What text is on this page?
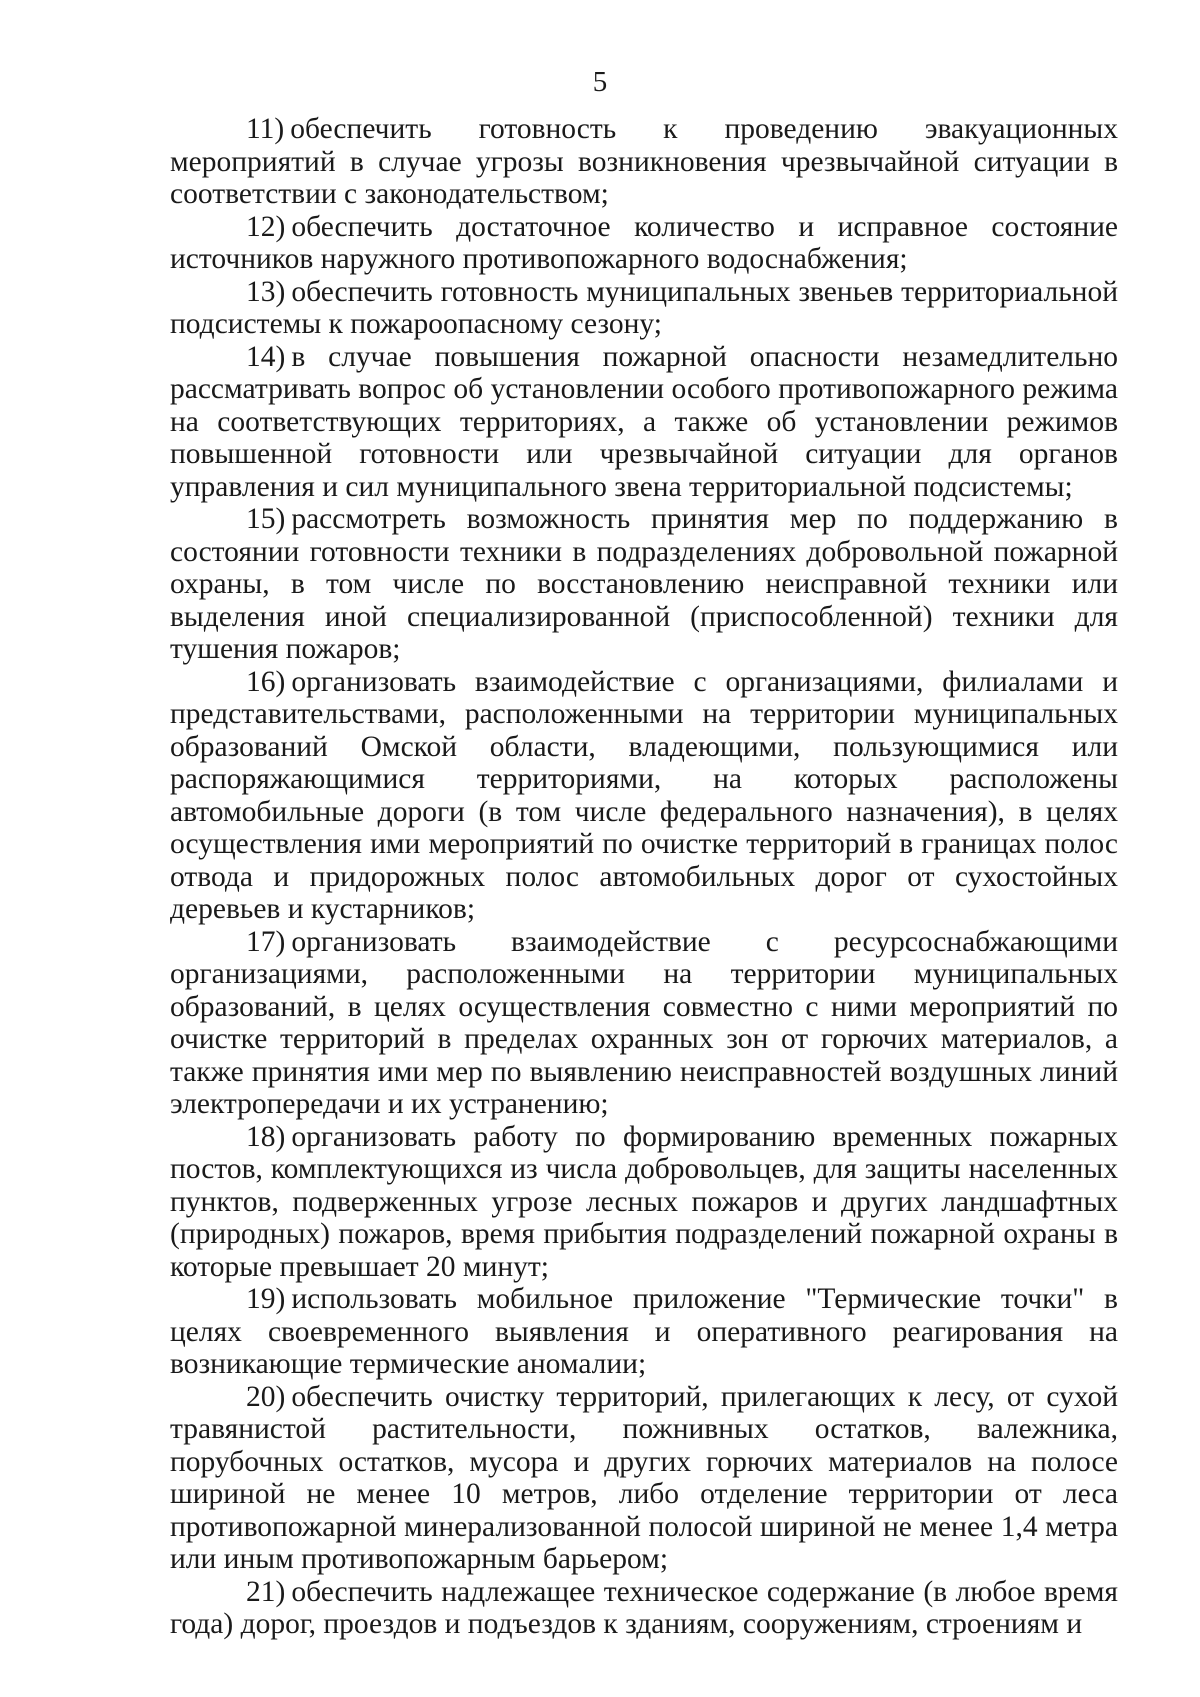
5

11) обеспечить готовность к проведению эвакуационных мероприятий в случае угрозы возникновения чрезвычайной ситуации в соответствии с законодательством;

12) обеспечить достаточное количество и исправное состояние источников наружного противопожарного водоснабжения;

13) обеспечить готовность муниципальных звеньев территориальной подсистемы к пожароопасному сезону;

14) в случае повышения пожарной опасности незамедлительно рассматривать вопрос об установлении особого противопожарного режима на соответствующих территориях, а также об установлении режимов повышенной готовности или чрезвычайной ситуации для органов управления и сил муниципального звена территориальной подсистемы;

15) рассмотреть возможность принятия мер по поддержанию в состоянии готовности техники в подразделениях добровольной пожарной охраны, в том числе по восстановлению неисправной техники или выделения иной специализированной (приспособленной) техники для тушения пожаров;

16) организовать взаимодействие с организациями, филиалами и представительствами, расположенными на территории муниципальных образований Омской области, владеющими, пользующимися или распоряжающимися территориями, на которых расположены автомобильные дороги (в том числе федерального назначения), в целях осуществления ими мероприятий по очистке территорий в границах полос отвода и придорожных полос автомобильных дорог от сухостойных деревьев и кустарников;

17) организовать взаимодействие с ресурсоснабжающими организациями, расположенными на территории муниципальных образований, в целях осуществления совместно с ними мероприятий по очистке территорий в пределах охранных зон от горючих материалов, а также принятия ими мер по выявлению неисправностей воздушных линий электропередачи и их устранению;

18) организовать работу по формированию временных пожарных постов, комплектующихся из числа добровольцев, для защиты населенных пунктов, подверженных угрозе лесных пожаров и других ландшафтных (природных) пожаров, время прибытия подразделений пожарной охраны в которые превышает 20 минут;

19) использовать мобильное приложение "Термические точки" в целях своевременного выявления и оперативного реагирования на возникающие термические аномалии;

20) обеспечить очистку территорий, прилегающих к лесу, от сухой травянистой растительности, пожнивных остатков, валежника, порубочных остатков, мусора и других горючих материалов на полосе шириной не менее 10 метров, либо отделение территории от леса противопожарной минерализованной полосой шириной не менее 1,4 метра или иным противопожарным барьером;

21) обеспечить надлежащее техническое содержание (в любое время года) дорог, проездов и подъездов к зданиям, сооружениям, строениям и
